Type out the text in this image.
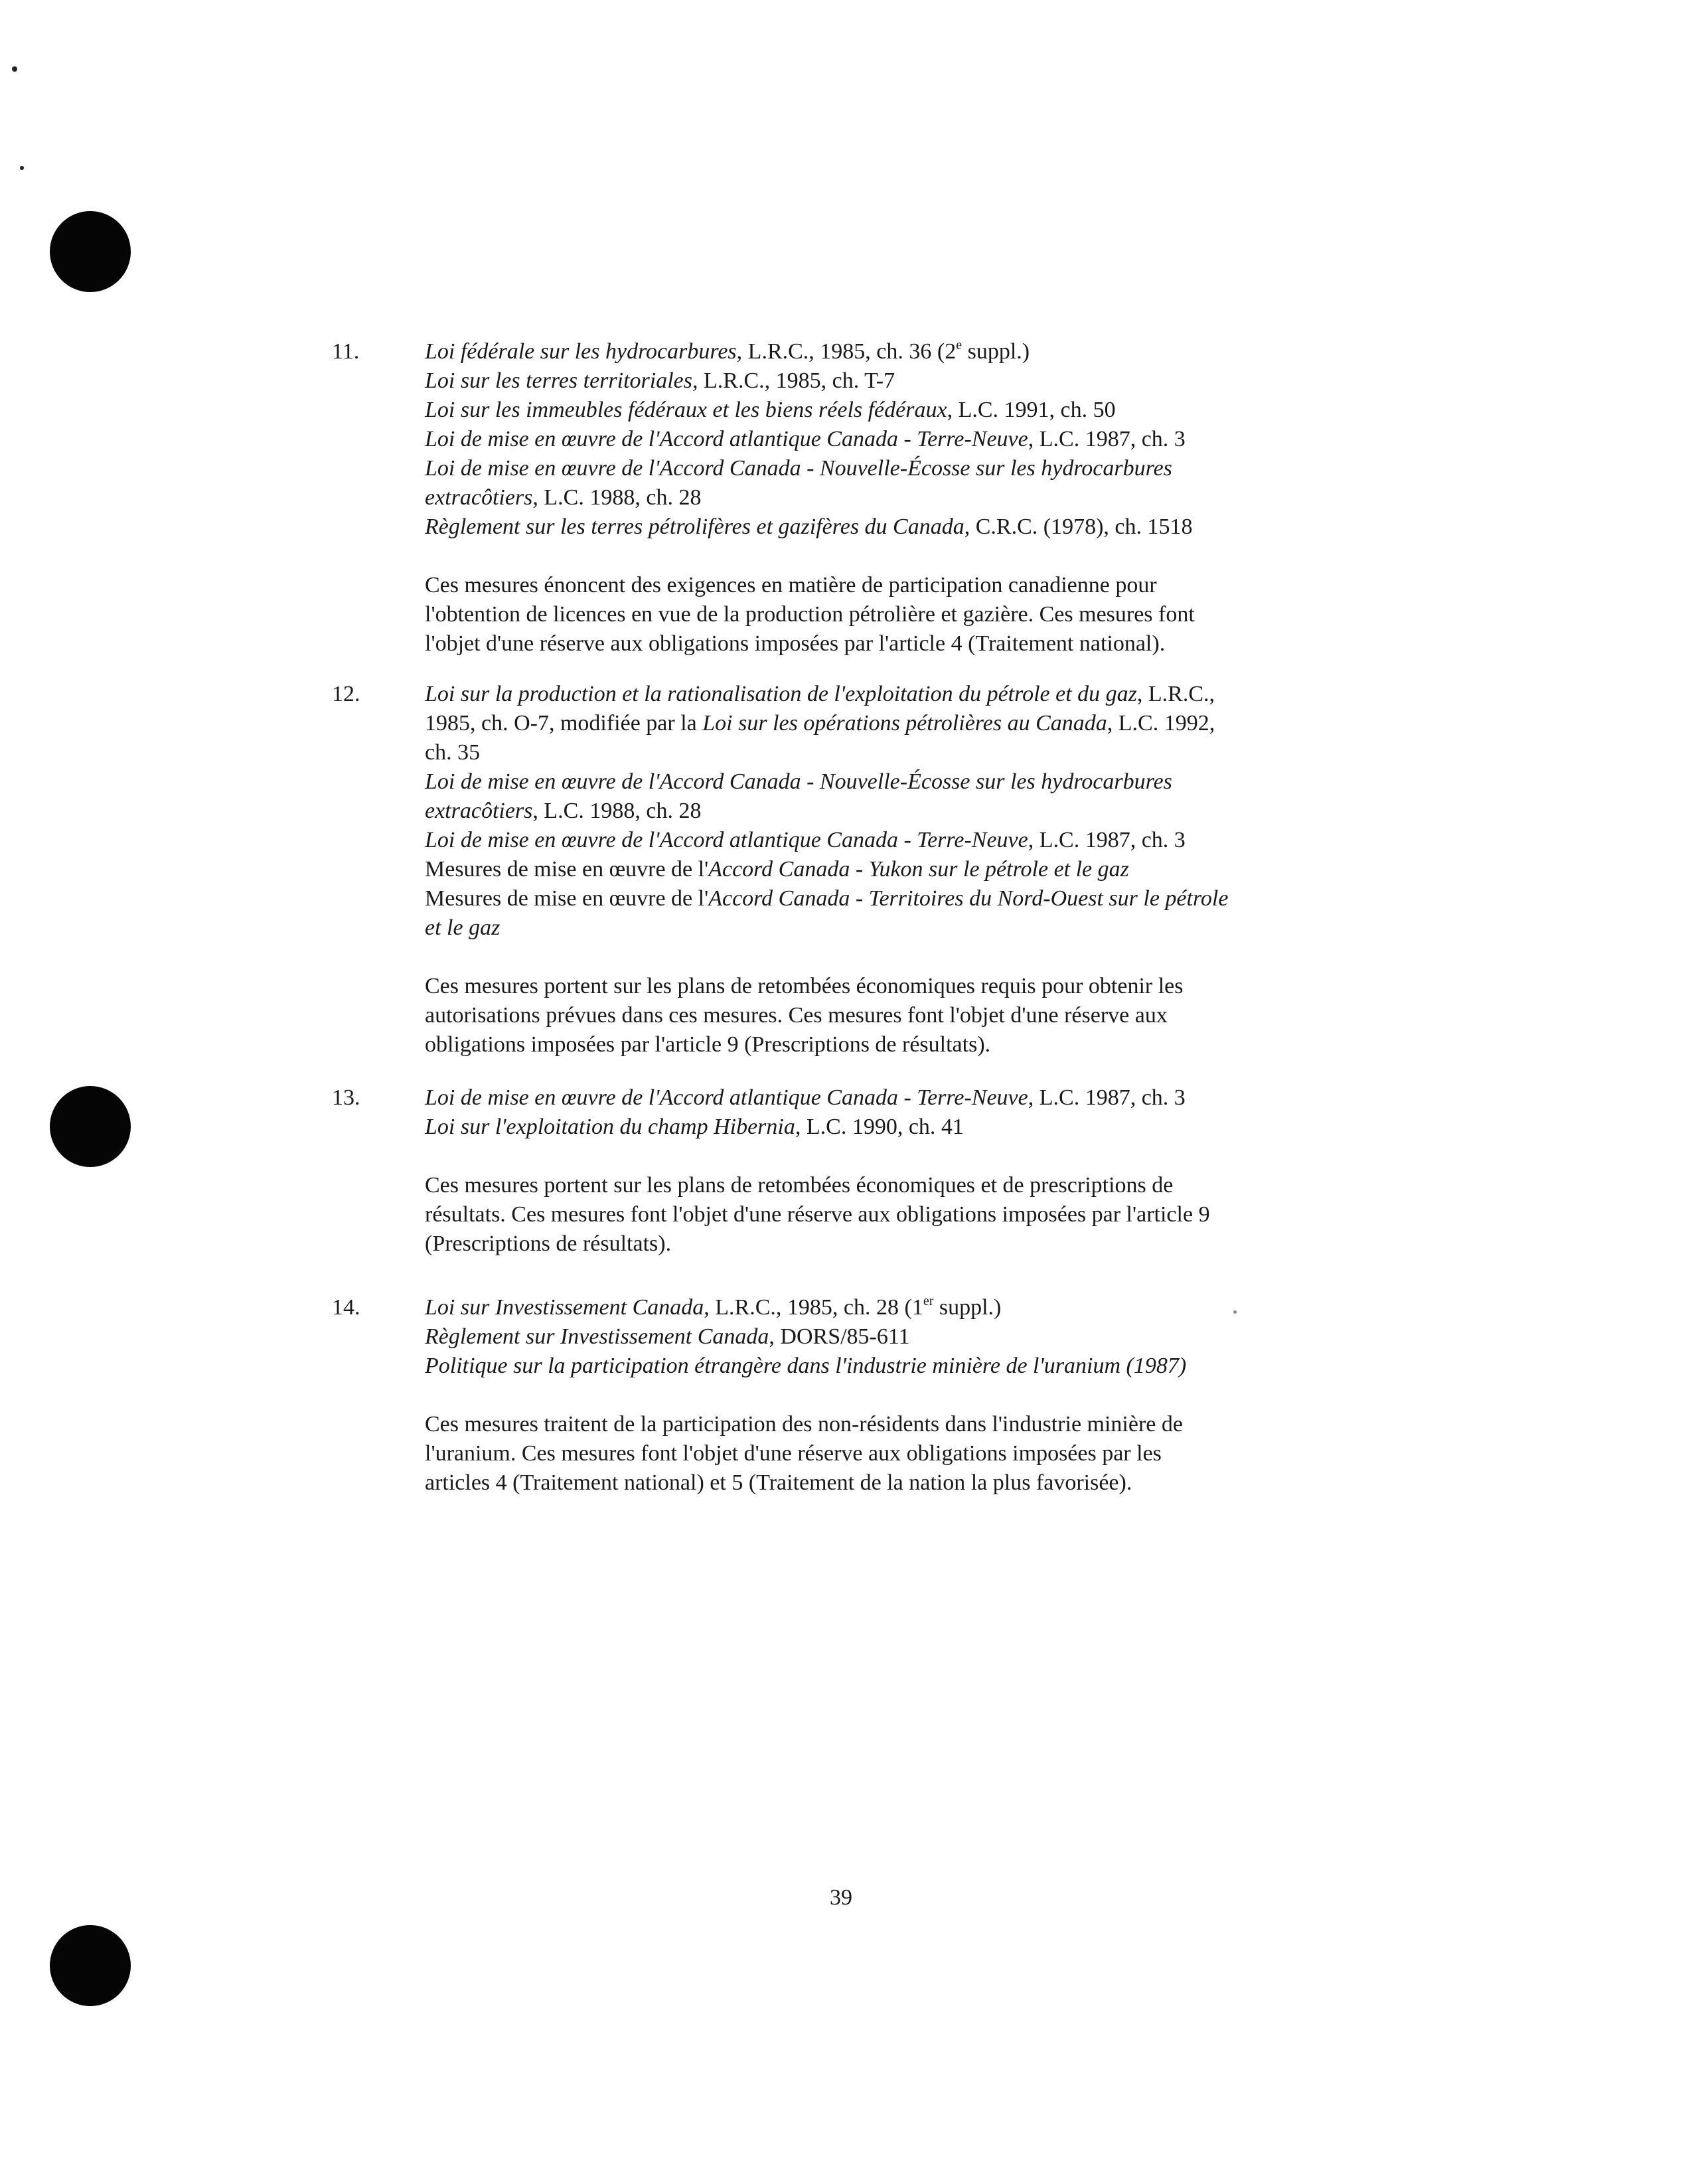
11.	Loi fédérale sur les hydrocarbures, L.R.C., 1985, ch. 36 (2e suppl.)
Loi sur les terres territoriales, L.R.C., 1985, ch. T-7
Loi sur les immeubles fédéraux et les biens réels fédéraux, L.C. 1991, ch. 50
Loi de mise en œuvre de l'Accord atlantique Canada - Terre-Neuve, L.C. 1987, ch. 3
Loi de mise en œuvre de l'Accord Canada - Nouvelle-Écosse sur les hydrocarbures
extracôtiers, L.C. 1988, ch. 28
Règlement sur les terres pétrolifères et gazifères du Canada, C.R.C. (1978), ch. 1518
Ces mesures énoncent des exigences en matière de participation canadienne pour
l'obtention de licences en vue de la production pétrolière et gazière. Ces mesures font
l'objet d'une réserve aux obligations imposées par l'article 4 (Traitement national).
12.	Loi sur la production et la rationalisation de l'exploitation du pétrole et du gaz, L.R.C.,
1985, ch. O-7, modifiée par la Loi sur les opérations pétrolières au Canada, L.C. 1992,
ch. 35
Loi de mise en œuvre de l'Accord Canada - Nouvelle-Écosse sur les hydrocarbures
extracôtiers, L.C. 1988, ch. 28
Loi de mise en œuvre de l'Accord atlantique Canada - Terre-Neuve, L.C. 1987, ch. 3
Mesures de mise en œuvre de l'Accord Canada - Yukon sur le pétrole et le gaz
Mesures de mise en œuvre de l'Accord Canada - Territoires du Nord-Ouest sur le pétrole
et le gaz
Ces mesures portent sur les plans de retombées économiques requis pour obtenir les
autorisations prévues dans ces mesures. Ces mesures font l'objet d'une réserve aux
obligations imposées par l'article 9 (Prescriptions de résultats).
13.	Loi de mise en œuvre de l'Accord atlantique Canada - Terre-Neuve, L.C. 1987, ch. 3
Loi sur l'exploitation du champ Hibernia, L.C. 1990, ch. 41
Ces mesures portent sur les plans de retombées économiques et de prescriptions de
résultats. Ces mesures font l'objet d'une réserve aux obligations imposées par l'article 9
(Prescriptions de résultats).
14.	Loi sur Investissement Canada, L.R.C., 1985, ch. 28 (1er suppl.)
Règlement sur Investissement Canada, DORS/85-611
Politique sur la participation étrangère dans l'industrie minière de l'uranium (1987)
Ces mesures traitent de la participation des non-résidents dans l'industrie minière de
l'uranium. Ces mesures font l'objet d'une réserve aux obligations imposées par les
articles 4 (Traitement national) et 5 (Traitement de la nation la plus favorisée).
39
